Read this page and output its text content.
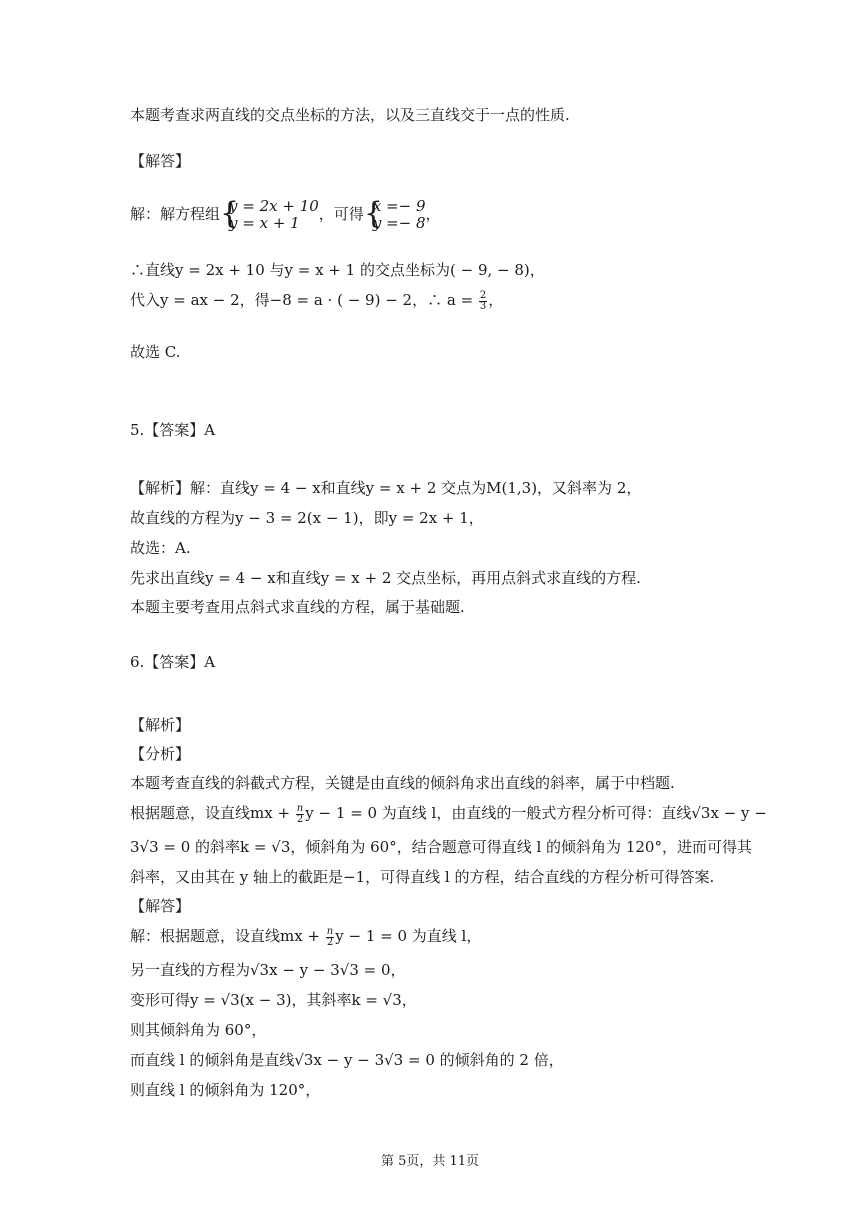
本题考查求两直线的交点坐标的方法，以及三直线交于一点的性质.
【解答】
解：解方程组 {
y = 2x + 10
y = x + 1	，可得 {
x =− 9
y =− 8 ，
∴直线y = 2x + 10 与y = x + 1 的交点坐标为( − 9, − 8)，
代入y = ax − 2，得−8 = a · ( − 9) − 2，∴ $a = \frac{2}{3}$ ，
故选 C.
5.【答案】A
【解析】解：直线y = 4 − x和直线y = x + 2 交点为M(1,3)，又斜率为 2，
故直线的方程为y − 3 = 2(x − 1)，即y = 2x + 1，
故选：A.
先求出直线y = 4 − x和直线y = x + 2 交点坐标，再用点斜式求直线的方程.
本题主要考查用点斜式求直线的方程，属于基础题.
6.【答案】A
【解析】
【分析】
本题考查直线的斜截式方程，关键是由直线的倾斜角求出直线的斜率，属于中档题.
根据题意，设直线mx + $\frac{n}{2}$ y − 1 = 0 为直线 l，由直线的一般式方程分析可得：直线√3x − y −
3√3 = 0 的斜率k = √3，倾斜角为 60°，结合题意可得直线 l 的倾斜角为 120°，进而可得其
斜率，又由其在 y 轴上的截距是−1，可得直线 l 的方程，结合直线的方程分析可得答案.
【解答】
解：根据题意，设直线mx + $\frac{n}{2}$ y − 1 = 0 为直线 l，
另一直线的方程为√3x − y − 3√3 = 0，
变形可得y = √3(x − 3)，其斜率k = √3，
则其倾斜角为 60°，
而直线 l 的倾斜角是直线√3x − y − 3√3 = 0 的倾斜角的 2 倍，
则直线 l 的倾斜角为 120°，
第 5页，共 11页
